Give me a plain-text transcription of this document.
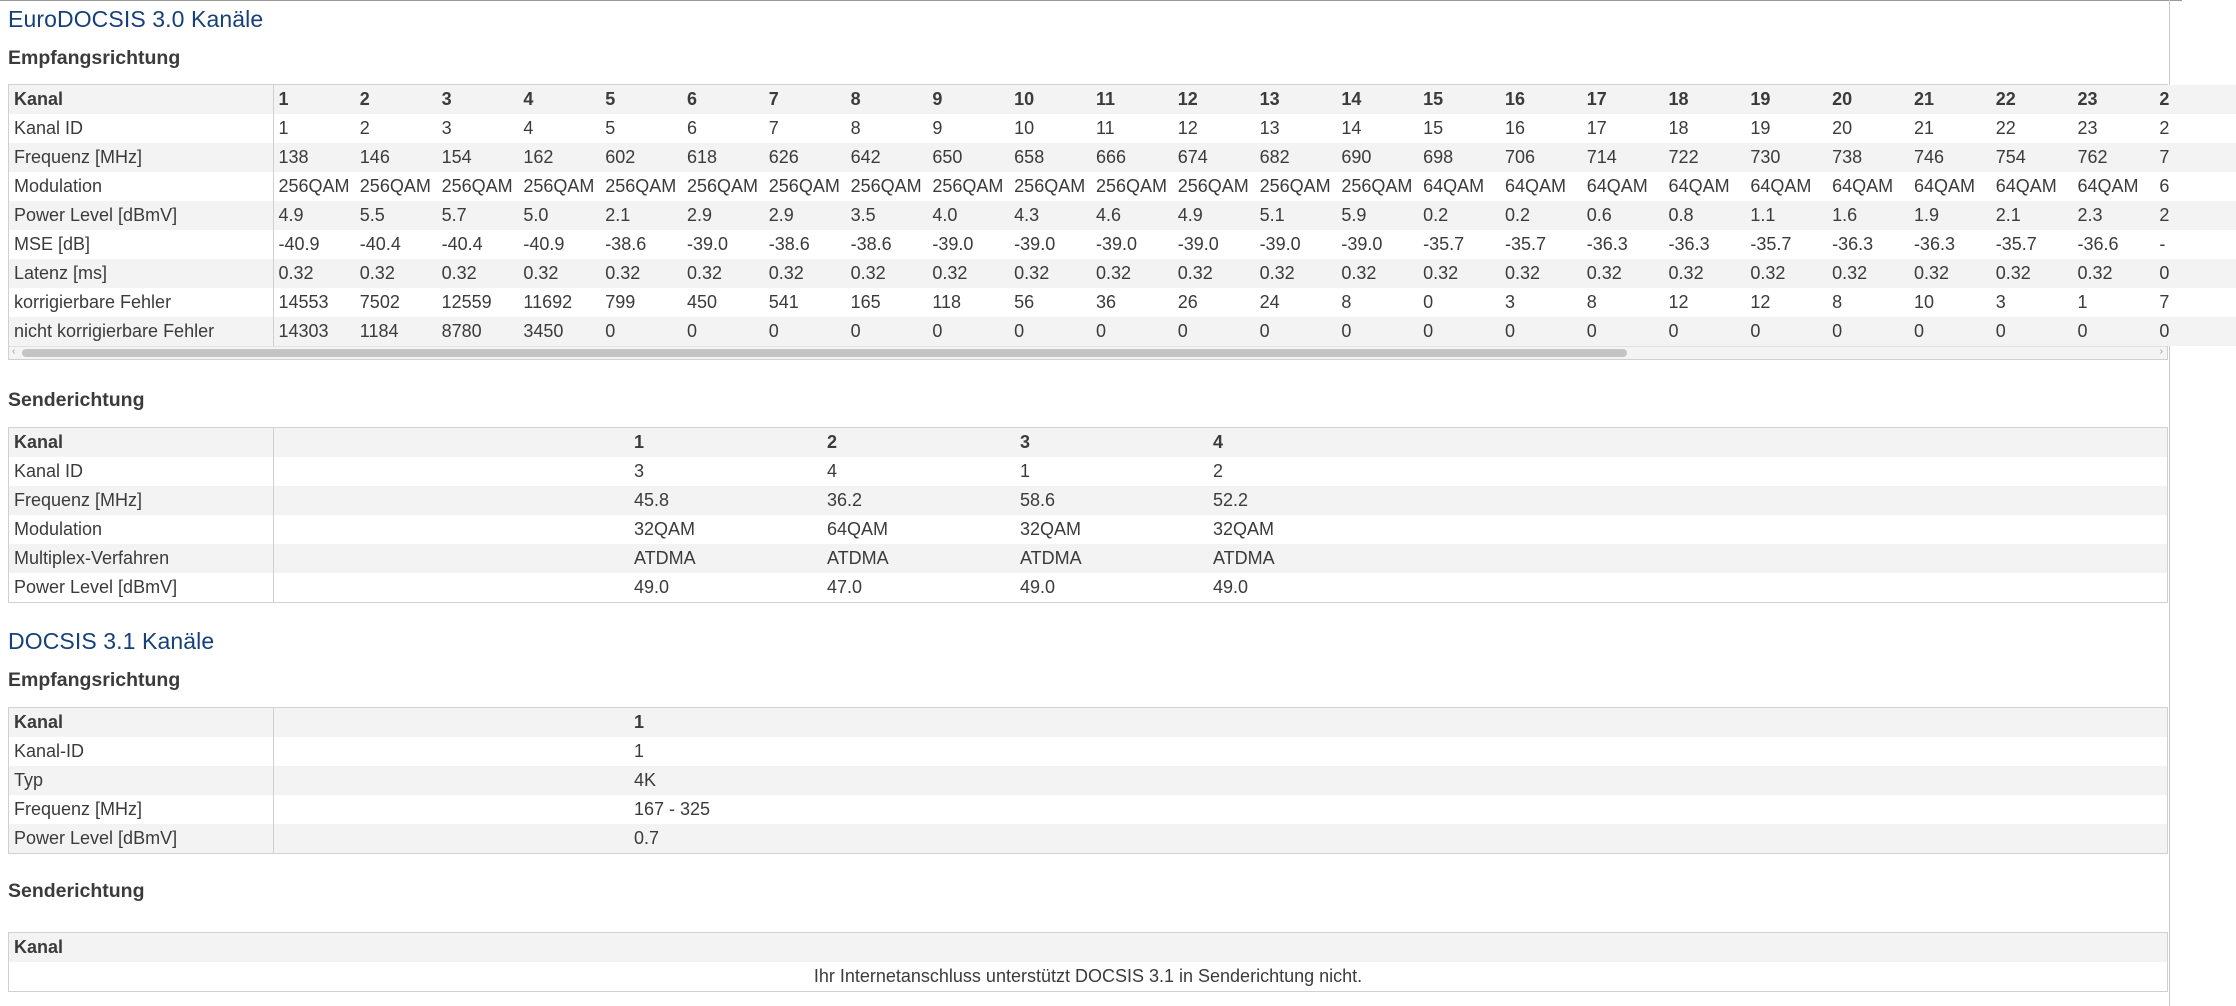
EuroDOCSIS 3.0 Kanäle
Empfangsrichtung
Kanal	1	2	3	4	5	6	7	8	9	10	11	12	13	14	15	16	17	18	19	20	21	22	23	2
Kanal ID	1	2	3	4	5	6	7	8	9	10	11	12	13	14	15	16	17	18	19	20	21	22	23	2
Frequenz [MHz]	138	146	154	162	602	618	626	642	650	658	666	674	682	690	698	706	714	722	730	738	746	754	762	7
Modulation	256QAM	256QAM	256QAM	256QAM	256QAM	256QAM	256QAM	256QAM	256QAM	256QAM	256QAM	256QAM	256QAM	256QAM	64QAM	64QAM	64QAM	64QAM	64QAM	64QAM	64QAM	64QAM	64QAM	6
Power Level [dBmV]	4.9	5.5	5.7	5.0	2.1	2.9	2.9	3.5	4.0	4.3	4.6	4.9	5.1	5.9	0.2	0.2	0.6	0.8	1.1	1.6	1.9	2.1	2.3	2
MSE [dB]	-40.9	-40.4	-40.4	-40.9	-38.6	-39.0	-38.6	-38.6	-39.0	-39.0	-39.0	-39.0	-39.0	-39.0	-35.7	-35.7	-36.3	-36.3	-35.7	-36.3	-36.3	-35.7	-36.6	-
Latenz [ms]	0.32	0.32	0.32	0.32	0.32	0.32	0.32	0.32	0.32	0.32	0.32	0.32	0.32	0.32	0.32	0.32	0.32	0.32	0.32	0.32	0.32	0.32	0.32	0
korrigierbare Fehler	14553	7502	12559	11692	799	450	541	165	118	56	36	26	24	8	0	3	8	12	12	8	10	3	1	7
nicht korrigierbare Fehler	14303	1184	8780	3450	0	0	0	0	0	0	0	0	0	0	0	0	0	0	0	0	0	0	0	0
‹	›
Senderichtung
Kanal		1	2	3	4	
Kanal ID		3	4	1	2	
Frequenz [MHz]		45.8	36.2	58.6	52.2	
Modulation		32QAM	64QAM	32QAM	32QAM	
Multiplex-Verfahren		ATDMA	ATDMA	ATDMA	ATDMA	
Power Level [dBmV]		49.0	47.0	49.0	49.0	
DOCSIS 3.1 Kanäle
Empfangsrichtung
Kanal		1	
Kanal-ID		1	
Typ		4K	
Frequenz [MHz]		167 - 325	
Power Level [dBmV]		0.7	
Senderichtung
Kanal
Ihr Internetanschluss unterstützt DOCSIS 3.1 in Senderichtung nicht.
